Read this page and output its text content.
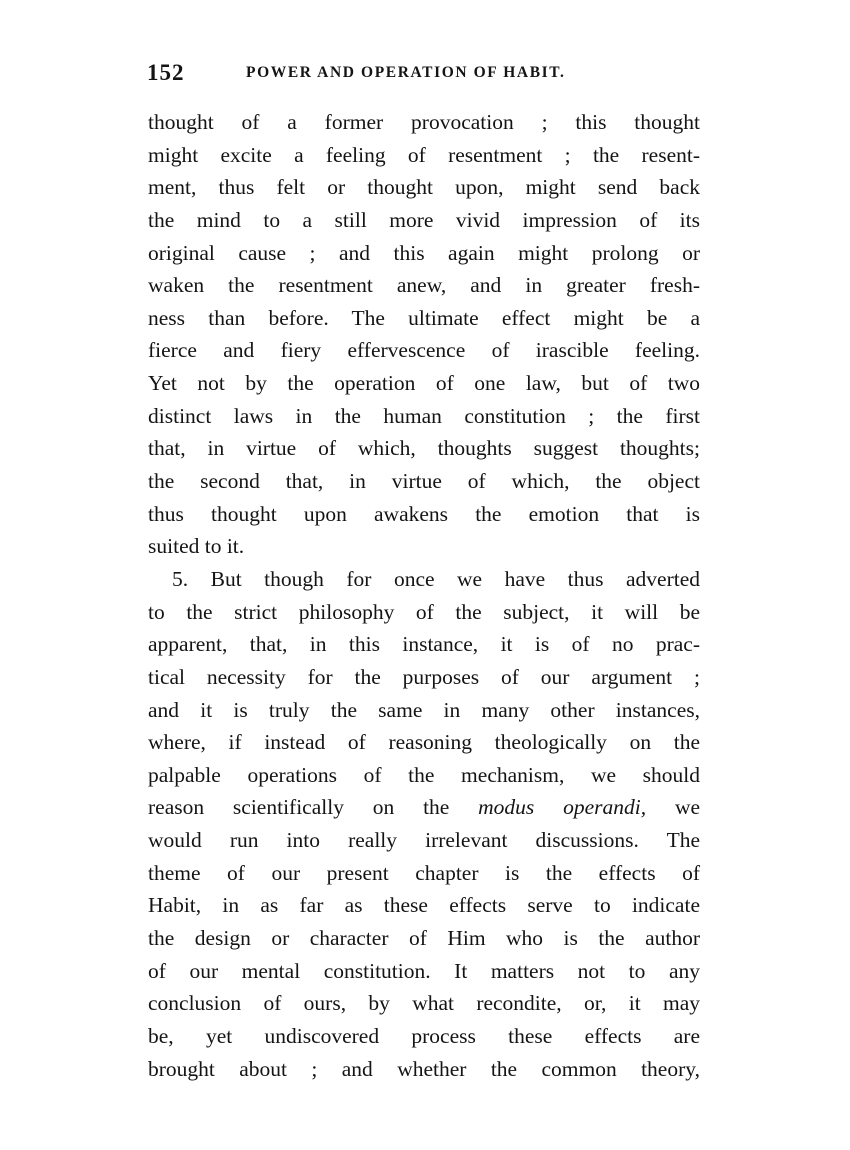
152	POWER AND OPERATION OF HABIT.
thought of a former provocation ; this thought
might excite a feeling of resentment ; the resent-
ment, thus felt or thought upon, might send back
the mind to a still more vivid impression of its
original cause ; and this again might prolong or
waken the resentment anew, and in greater fresh-
ness than before. The ultimate effect might be a
fierce and fiery effervescence of irascible feeling.
Yet not by the operation of one law, but of two
distinct laws in the human constitution ; the first
that, in virtue of which, thoughts suggest thoughts;
the second that, in virtue of which, the object
thus thought upon awakens the emotion that is
suited to it.
5. But though for once we have thus adverted
to the strict philosophy of the subject, it will be
apparent, that, in this instance, it is of no prac-
tical necessity for the purposes of our argument ;
and it is truly the same in many other instances,
where, if instead of reasoning theologically on the
palpable operations of the mechanism, we should
reason scientifically on the modus operandi, we
would run into really irrelevant discussions. The
theme of our present chapter is the effects of
Habit, in as far as these effects serve to indicate
the design or character of Him who is the author
of our mental constitution. It matters not to any
conclusion of ours, by what recondite, or, it may
be, yet undiscovered process these effects are
brought about ; and whether the common theory,
